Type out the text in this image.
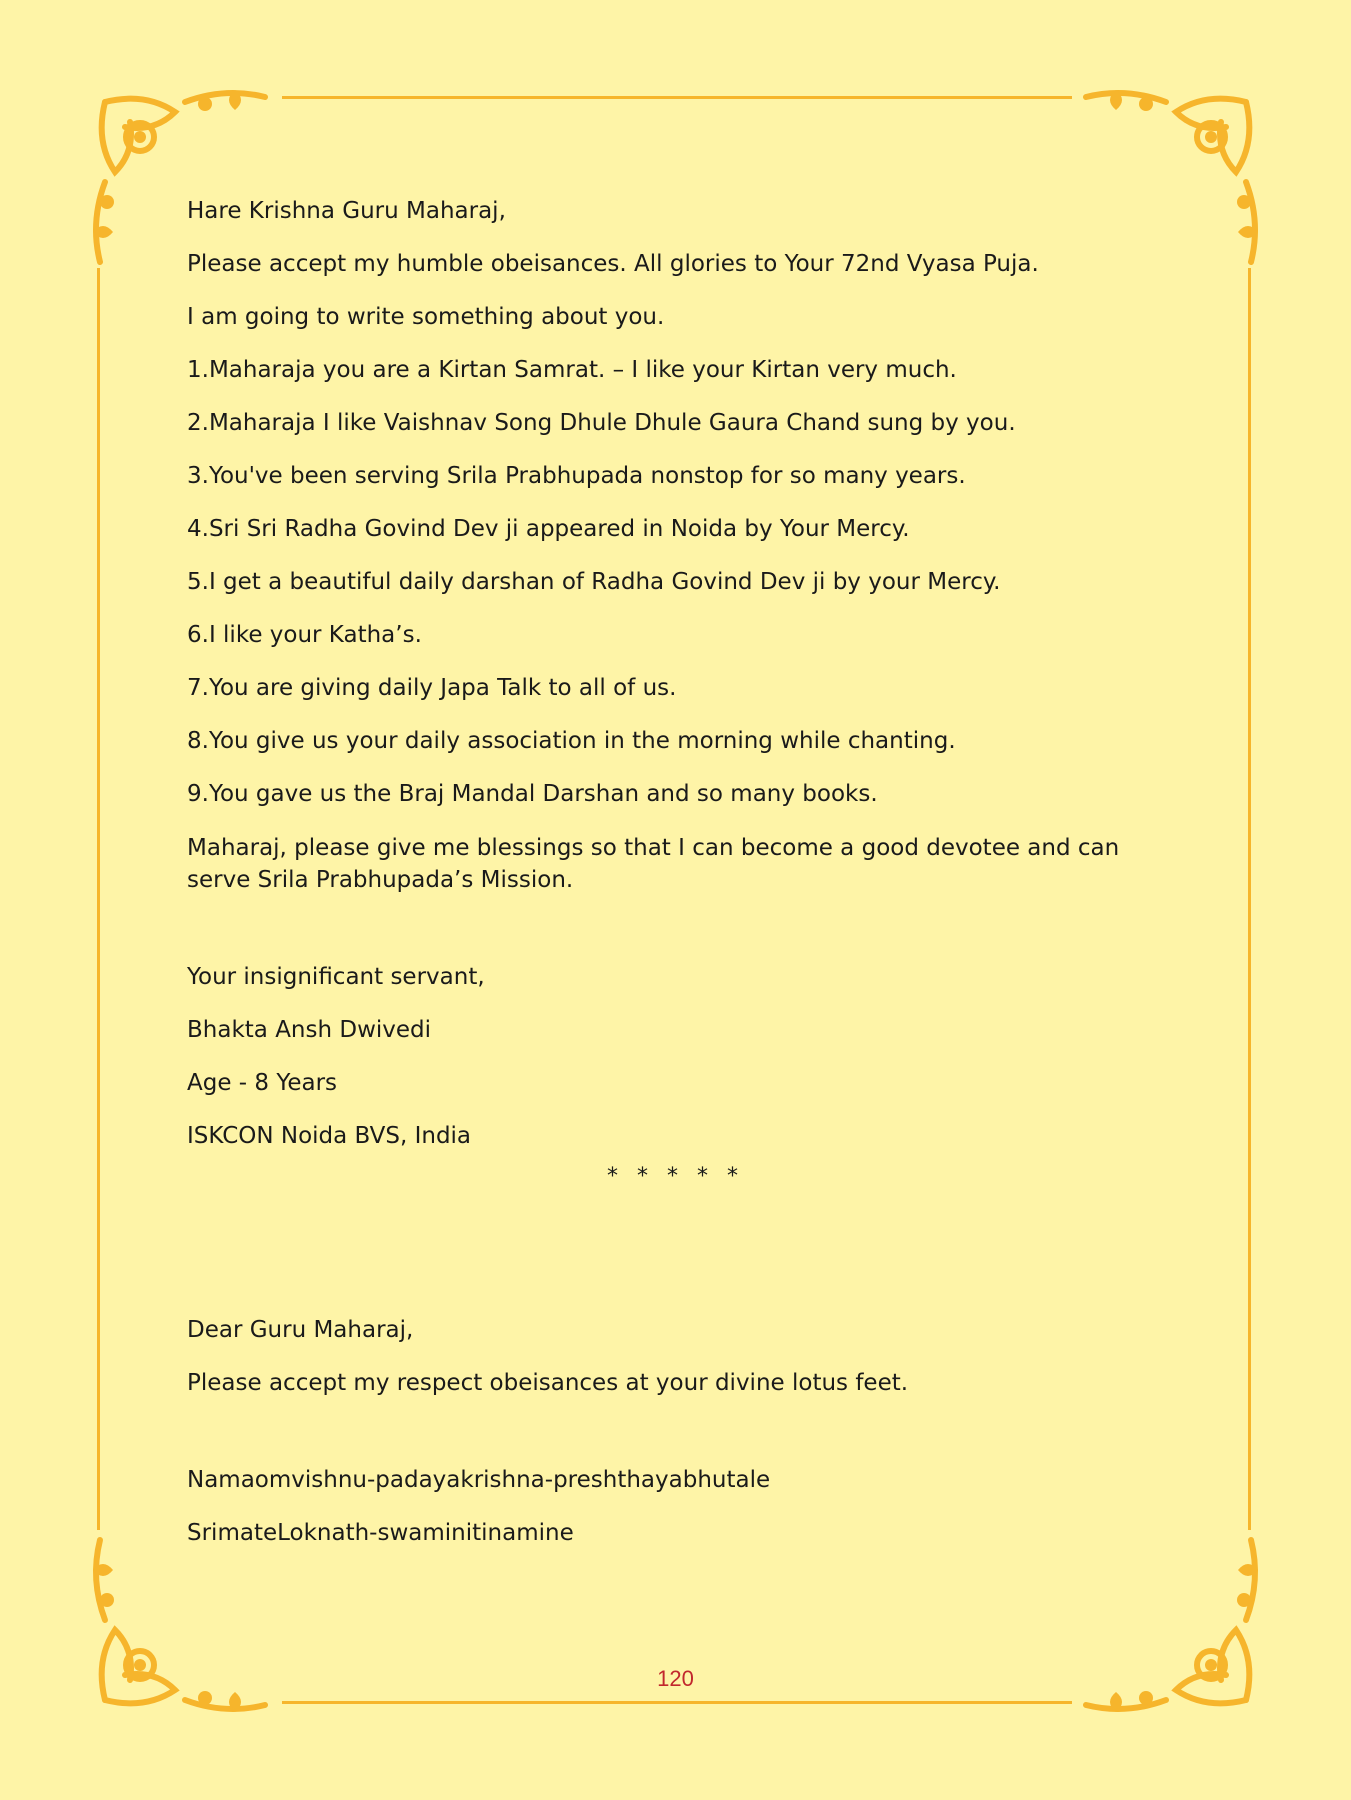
Hare Krishna Guru Maharaj,

Please accept my humble obeisances. All glories to Your 72nd Vyasa Puja.

I am going to write something about you.

1.Maharaja you are a Kirtan Samrat. – I like your Kirtan very much.

2.Maharaja I like Vaishnav Song Dhule Dhule Gaura Chand sung by you.

3.You've been serving Srila Prabhupada nonstop for so many years.

4.Sri Sri Radha Govind Dev ji appeared in Noida by Your Mercy.

5.I get a beautiful daily darshan of Radha Govind Dev ji by your Mercy.

6.I like your Katha’s.

7.You are giving daily Japa Talk to all of us.

8.You give us your daily association in the morning while chanting.

9.You gave us the Braj Mandal Darshan and so many books.

Maharaj, please give me blessings so that I can become a good devotee and can serve Srila Prabhupada’s Mission.

Your insignificant servant,

Bhakta Ansh Dwivedi

Age - 8 Years

ISKCON Noida BVS, India

* * * * *

Dear Guru Maharaj,

Please accept my respect obeisances at your divine lotus feet.

Namaomvishnu-padayakrishna-preshthayabhutale

SrimateLoknath-swaminitinamine

120
